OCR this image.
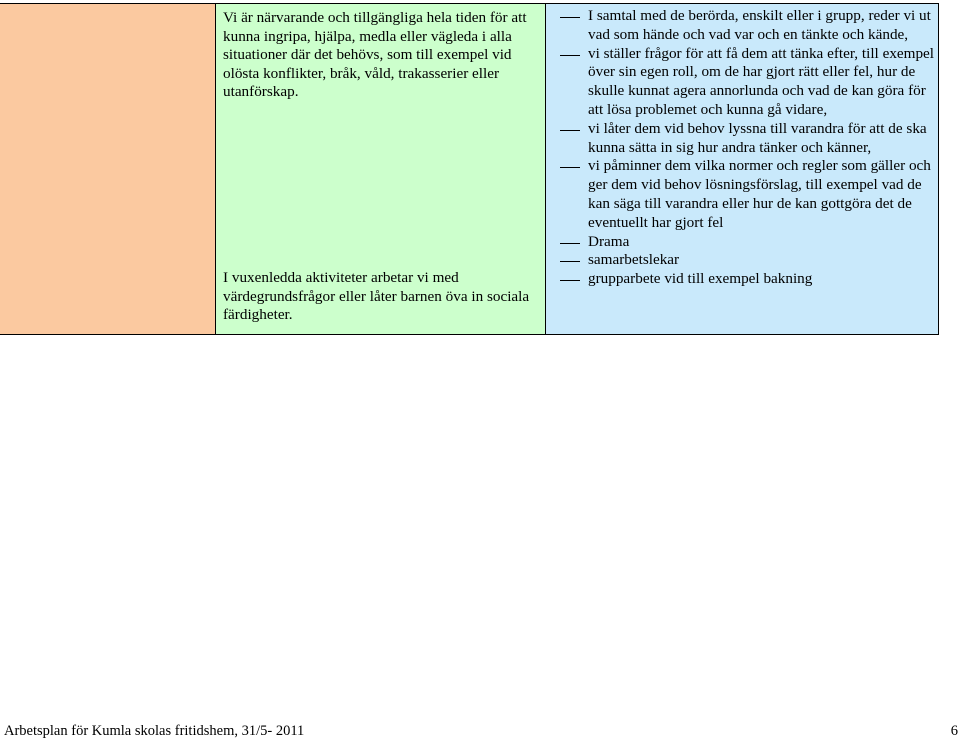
Vi är närvarande och tillgängliga hela tiden för att kunna ingripa, hjälpa, medla eller vägleda i alla situationer där det behövs, som till exempel vid olösta konflikter, bråk, våld, trakasserier eller utanförskap.

I vuxenledda aktiviteter arbetar vi med värdegrundsfrågor eller låter barnen öva in sociala färdigheter.

I samtal med de berörda, enskilt eller i grupp, reder vi ut vad som hände och vad var och en tänkte och kände,
vi ställer frågor för att få dem att tänka efter, till exempel över sin egen roll, om de har gjort rätt eller fel, hur de skulle kunnat agera annorlunda och vad de kan göra för att lösa problemet och kunna gå vidare,
vi låter dem vid behov lyssna till varandra för att de ska kunna sätta in sig hur andra tänker och känner,
vi påminner dem vilka normer och regler som gäller och ger dem vid behov lösningsförslag, till exempel vad de kan säga till varandra eller hur de kan gottgöra det de eventuellt har gjort fel
Drama
samarbetslekar
grupparbete vid till exempel bakning
Arbetsplan för Kumla skolas fritidshem, 31/5- 2011	6
